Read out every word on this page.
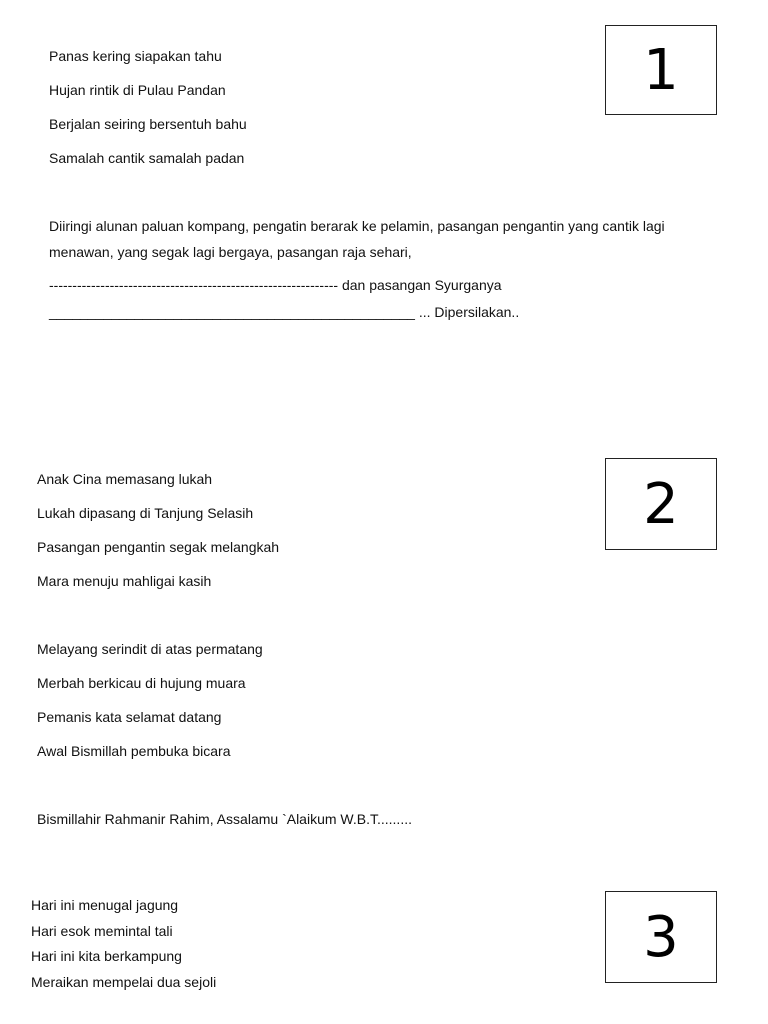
Panas kering siapakan tahu
Hujan rintik di Pulau Pandan
Berjalan seiring bersentuh bahu
Samalah cantik samalah padan
Diiringi alunan paluan kompang, pengatin berarak ke pelamin, pasangan pengantin yang cantik lagi menawan, yang segak lagi bergaya, pasangan raja sehari,
-------------------------------------------------------------- dan pasangan Syurganya
_______________________________________________ ... Dipersilakan..
1
Anak Cina memasang lukah
Lukah dipasang di Tanjung Selasih
Pasangan pengantin segak melangkah
Mara menuju mahligai kasih
Melayang serindit di atas permatang
Merbah berkicau di hujung muara
Pemanis kata selamat datang
Awal Bismillah pembuka bicara
Bismillahir Rahmanir Rahim, Assalamu `Alaikum W.B.T.........
2
Hari ini menugal jagung
Hari esok memintal tali
Hari ini kita berkampung
Meraikan mempelai dua sejoli
3
